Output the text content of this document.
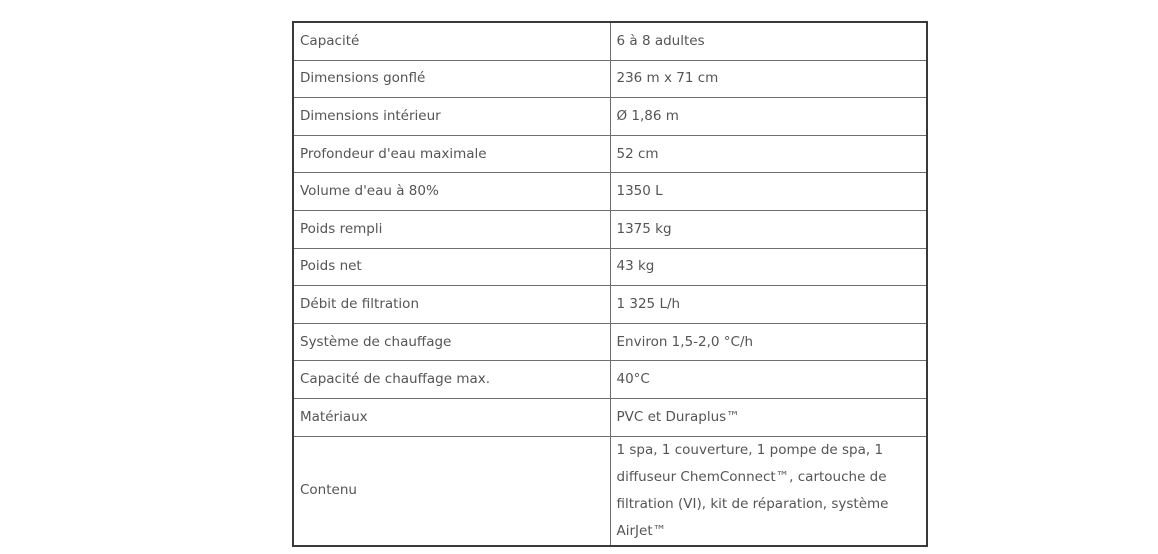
Capacité	6 à 8 adultes
Dimensions gonflé	236 m x 71 cm
Dimensions intérieur	Ø 1,86 m
Profondeur d'eau maximale	52 cm
Volume d'eau à 80%	1350 L
Poids rempli	1375 kg
Poids net	43 kg
Débit de filtration	1 325 L/h
Système de chauffage	Environ 1,5-2,0 °C/h
Capacité de chauffage max.	40°C
Matériaux	PVC et Duraplus™
Contenu	1 spa, 1 couverture, 1 pompe de spa, 1 diffuseur ChemConnect™, cartouche de filtration (VI), kit de réparation, système AirJet™
